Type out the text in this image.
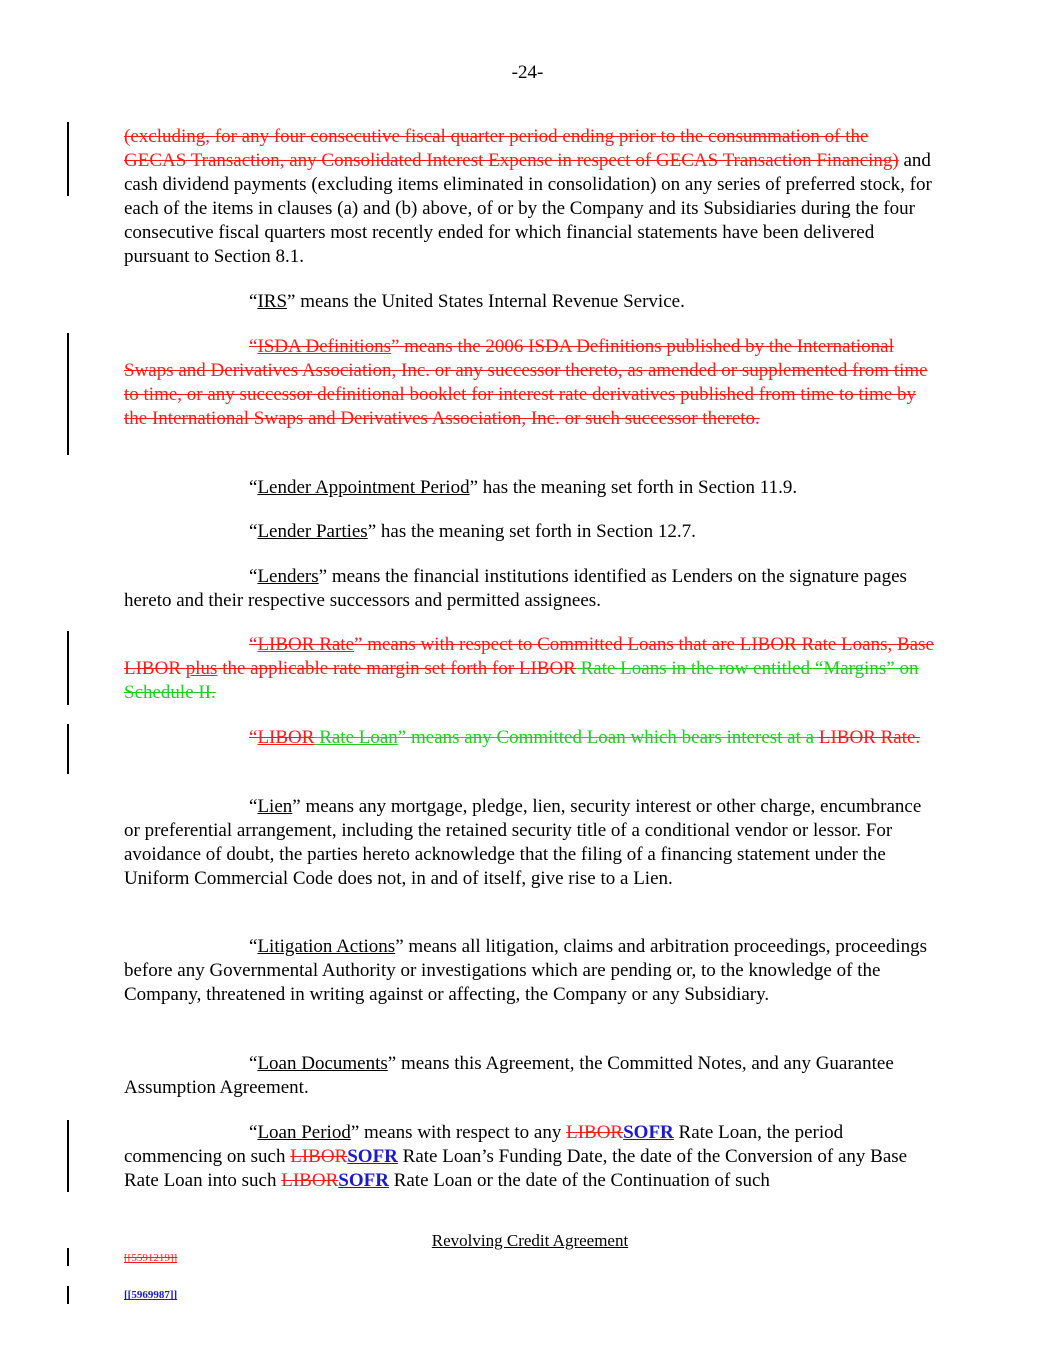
-24-

(excluding, for any four consecutive fiscal quarter period ending prior to the consummation of the GECAS Transaction, any Consolidated Interest Expense in respect of GECAS Transaction Financing) and cash dividend payments (excluding items eliminated in consolidation) on any series of preferred stock, for each of the items in clauses (a) and (b) above, of or by the Company and its Subsidiaries during the four consecutive fiscal quarters most recently ended for which financial statements have been delivered pursuant to Section 8.1.

“IRS” means the United States Internal Revenue Service.

“ISDA Definitions” means the 2006 ISDA Definitions published by the International Swaps and Derivatives Association, Inc. or any successor thereto, as amended or supplemented from time to time, or any successor definitional booklet for interest rate derivatives published from time to time by the International Swaps and Derivatives Association, Inc. or such successor thereto.

“Lender Appointment Period” has the meaning set forth in Section 11.9.

“Lender Parties” has the meaning set forth in Section 12.7.

“Lenders” means the financial institutions identified as Lenders on the signature pages hereto and their respective successors and permitted assignees.

“LIBOR Rate” means with respect to Committed Loans that are LIBOR Rate Loans, Base LIBOR plus the applicable rate margin set forth for LIBOR Rate Loans in the row entitled “Margins” on Schedule II.

“LIBOR Rate Loan” means any Committed Loan which bears interest at a LIBOR Rate.

“Lien” means any mortgage, pledge, lien, security interest or other charge, encumbrance or preferential arrangement, including the retained security title of a conditional vendor or lessor. For avoidance of doubt, the parties hereto acknowledge that the filing of a financing statement under the Uniform Commercial Code does not, in and of itself, give rise to a Lien.

“Litigation Actions” means all litigation, claims and arbitration proceedings, proceedings before any Governmental Authority or investigations which are pending or, to the knowledge of the Company, threatened in writing against or affecting, the Company or any Subsidiary.

“Loan Documents” means this Agreement, the Committed Notes, and any Guarantee Assumption Agreement.

“Loan Period” means with respect to any LIBORSOFR Rate Loan, the period commencing on such LIBORSOFR Rate Loan’s Funding Date, the date of the Conversion of any Base Rate Loan into such LIBORSOFR Rate Loan or the date of the Continuation of such

Revolving Credit Agreement
[[5591219]]
[[5969987]]
